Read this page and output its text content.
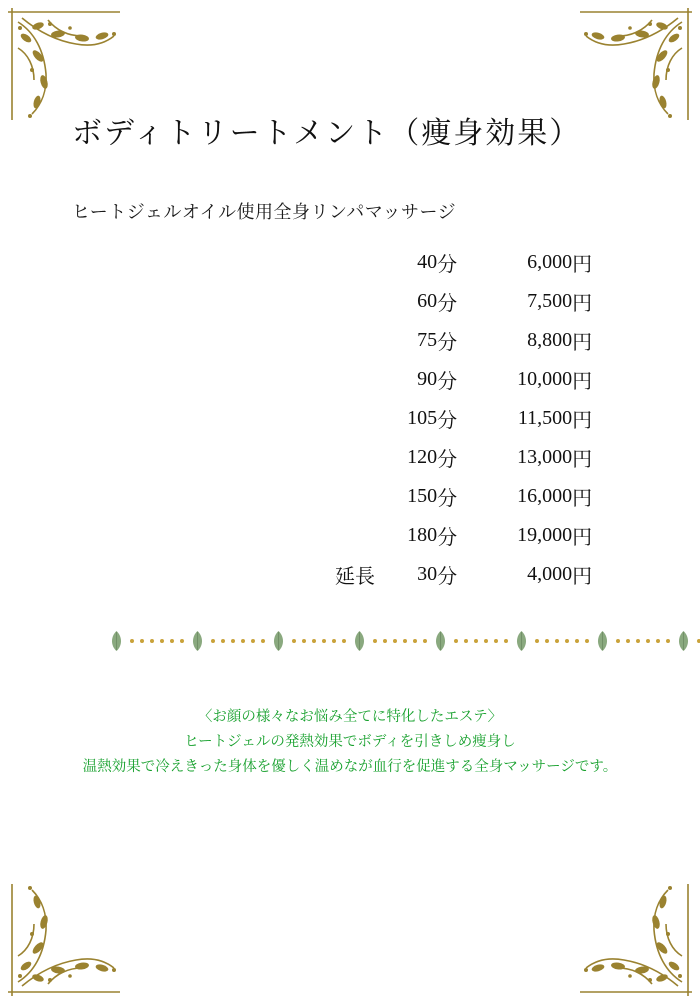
ボディトリートメント（痩身効果）
ヒートジェルオイル使用全身リンパマッサージ
	40	分	6,000	円
	60	分	7,500	円
	75	分	8,800	円
	90	分	10,000	円
	105	分	11,500	円
	120	分	13,000	円
	150	分	16,000	円
	180	分	19,000	円
延長	30	分	4,000	円
〈お顔の様々なお悩み全てに特化したエステ〉
ヒートジェルの発熱効果でボディを引きしめ痩身し
温熱効果で冷えきった身体を優しく温めなが血行を促進する全身マッサージです。
